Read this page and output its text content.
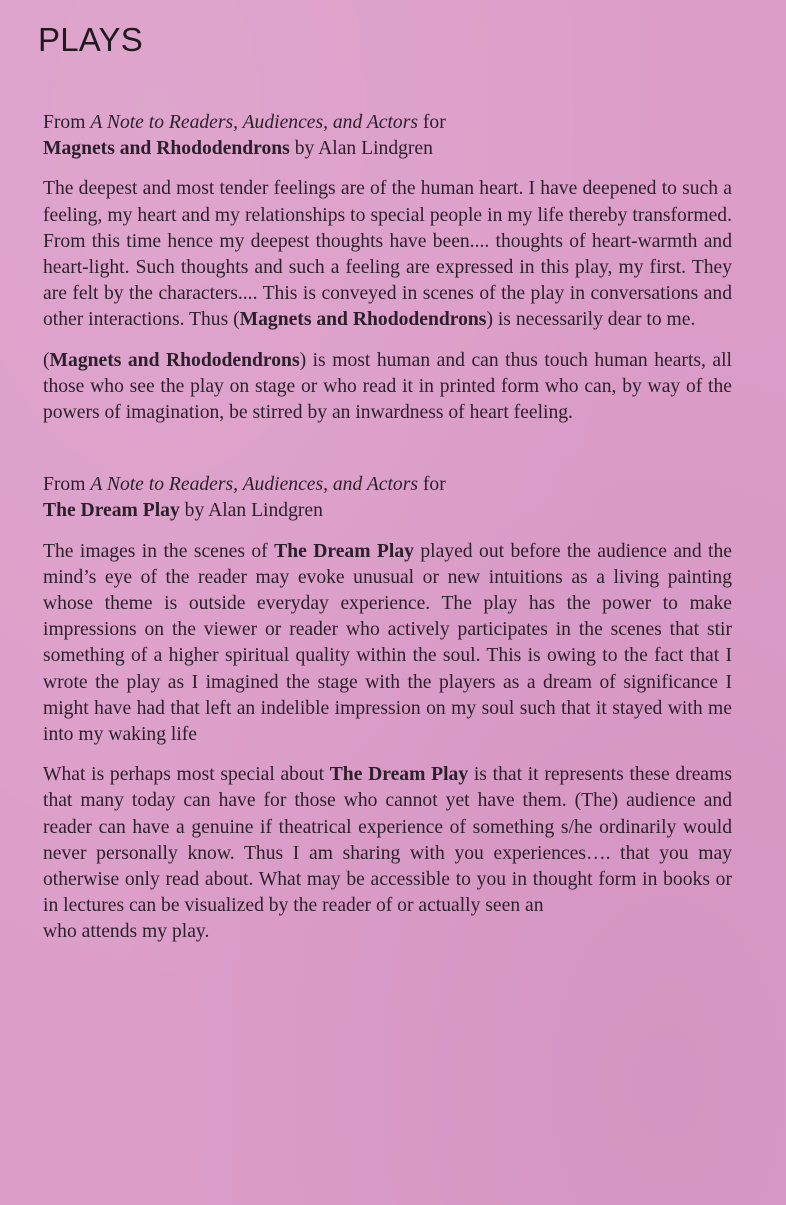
PLAYS
From A Note to Readers, Audiences, and Actors for
Magnets and Rhododendrons by Alan Lindgren

The deepest and most tender feelings are of the human heart. I have deepened to such a feeling, my heart and my relationships to special people in my life thereby transformed. From this time hence my deepest thoughts have been.... thoughts of heart-warmth and heart-light. Such thoughts and such a feeling are expressed in this play, my first. They are felt by the characters.... This is conveyed in scenes of the play in conversations and other interactions. Thus (Magnets and Rhododendrons) is necessarily dear to me.

(Magnets and Rhododendrons) is most human and can thus touch human hearts, all those who see the play on stage or who read it in printed form who can, by way of the powers of imagination, be stirred by an inwardness of heart feeling.

From A Note to Readers, Audiences, and Actors for
The Dream Play by Alan Lindgren

The images in the scenes of The Dream Play played out before the audience and the mind’s eye of the reader may evoke unusual or new intuitions as a living painting whose theme is outside everyday experience. The play has the power to make impressions on the viewer or reader who actively participates in the scenes that stir something of a higher spiritual quality within the soul. This is owing to the fact that I wrote the play as I imagined the stage with the players as a dream of significance I might have had that left an indelible impression on my soul such that it stayed with me into my waking life

What is perhaps most special about The Dream Play is that it represents these dreams that many today can have for those who cannot yet have them. (The) audience and reader can have a genuine if theatrical experience of something s/he ordinarily would never personally know. Thus I am sharing with you experiences…. that you may otherwise only read about. What may be accessible to you in thought form in books or in lectures can be visualized by the reader of or actually seen an
who attends my play.
